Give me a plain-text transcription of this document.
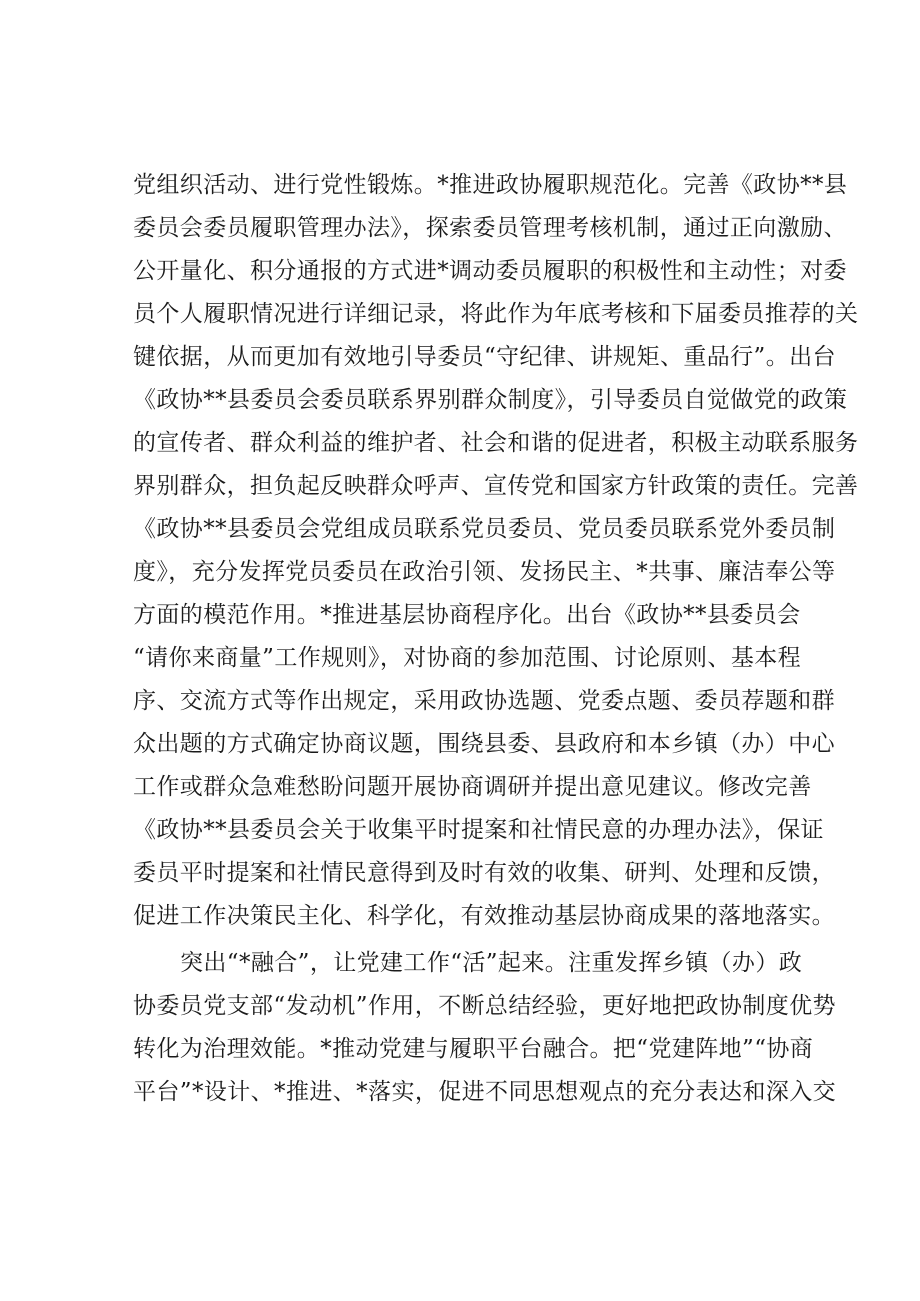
党组织活动、进行党性锻炼。*推进政协履职规范化。完善《政协**县
委员会委员履职管理办法》，探索委员管理考核机制，通过正向激励、
公开量化、积分通报的方式进*调动委员履职的积极性和主动性；对委
员个人履职情况进行详细记录，将此作为年底考核和下届委员推荐的关
键依据，从而更加有效地引导委员“守纪律、讲规矩、重品行”。出台
《政协**县委员会委员联系界别群众制度》，引导委员自觉做党的政策
的宣传者、群众利益的维护者、社会和谐的促进者，积极主动联系服务
界别群众，担负起反映群众呼声、宣传党和国家方针政策的责任。完善
《政协**县委员会党组成员联系党员委员、党员委员联系党外委员制
度》，充分发挥党员委员在政治引领、发扬民主、*共事、廉洁奉公等
方面的模范作用。*推进基层协商程序化。出台《政协**县委员会
“请你来商量”工作规则》，对协商的参加范围、讨论原则、基本程
序、交流方式等作出规定，采用政协选题、党委点题、委员荐题和群
众出题的方式确定协商议题，围绕县委、县政府和本乡镇（办）中心
工作或群众急难愁盼问题开展协商调研并提出意见建议。修改完善
《政协**县委员会关于收集平时提案和社情民意的办理办法》，保证
委员平时提案和社情民意得到及时有效的收集、研判、处理和反馈，
促进工作决策民主化、科学化，有效推动基层协商成果的落地落实。
突出“*融合”，让党建工作“活”起来。注重发挥乡镇（办）政
协委员党支部“发动机”作用，不断总结经验，更好地把政协制度优势
转化为治理效能。*推动党建与履职平台融合。把“党建阵地”“协商
平台”*设计、*推进、*落实，促进不同思想观点的充分表达和深入交
